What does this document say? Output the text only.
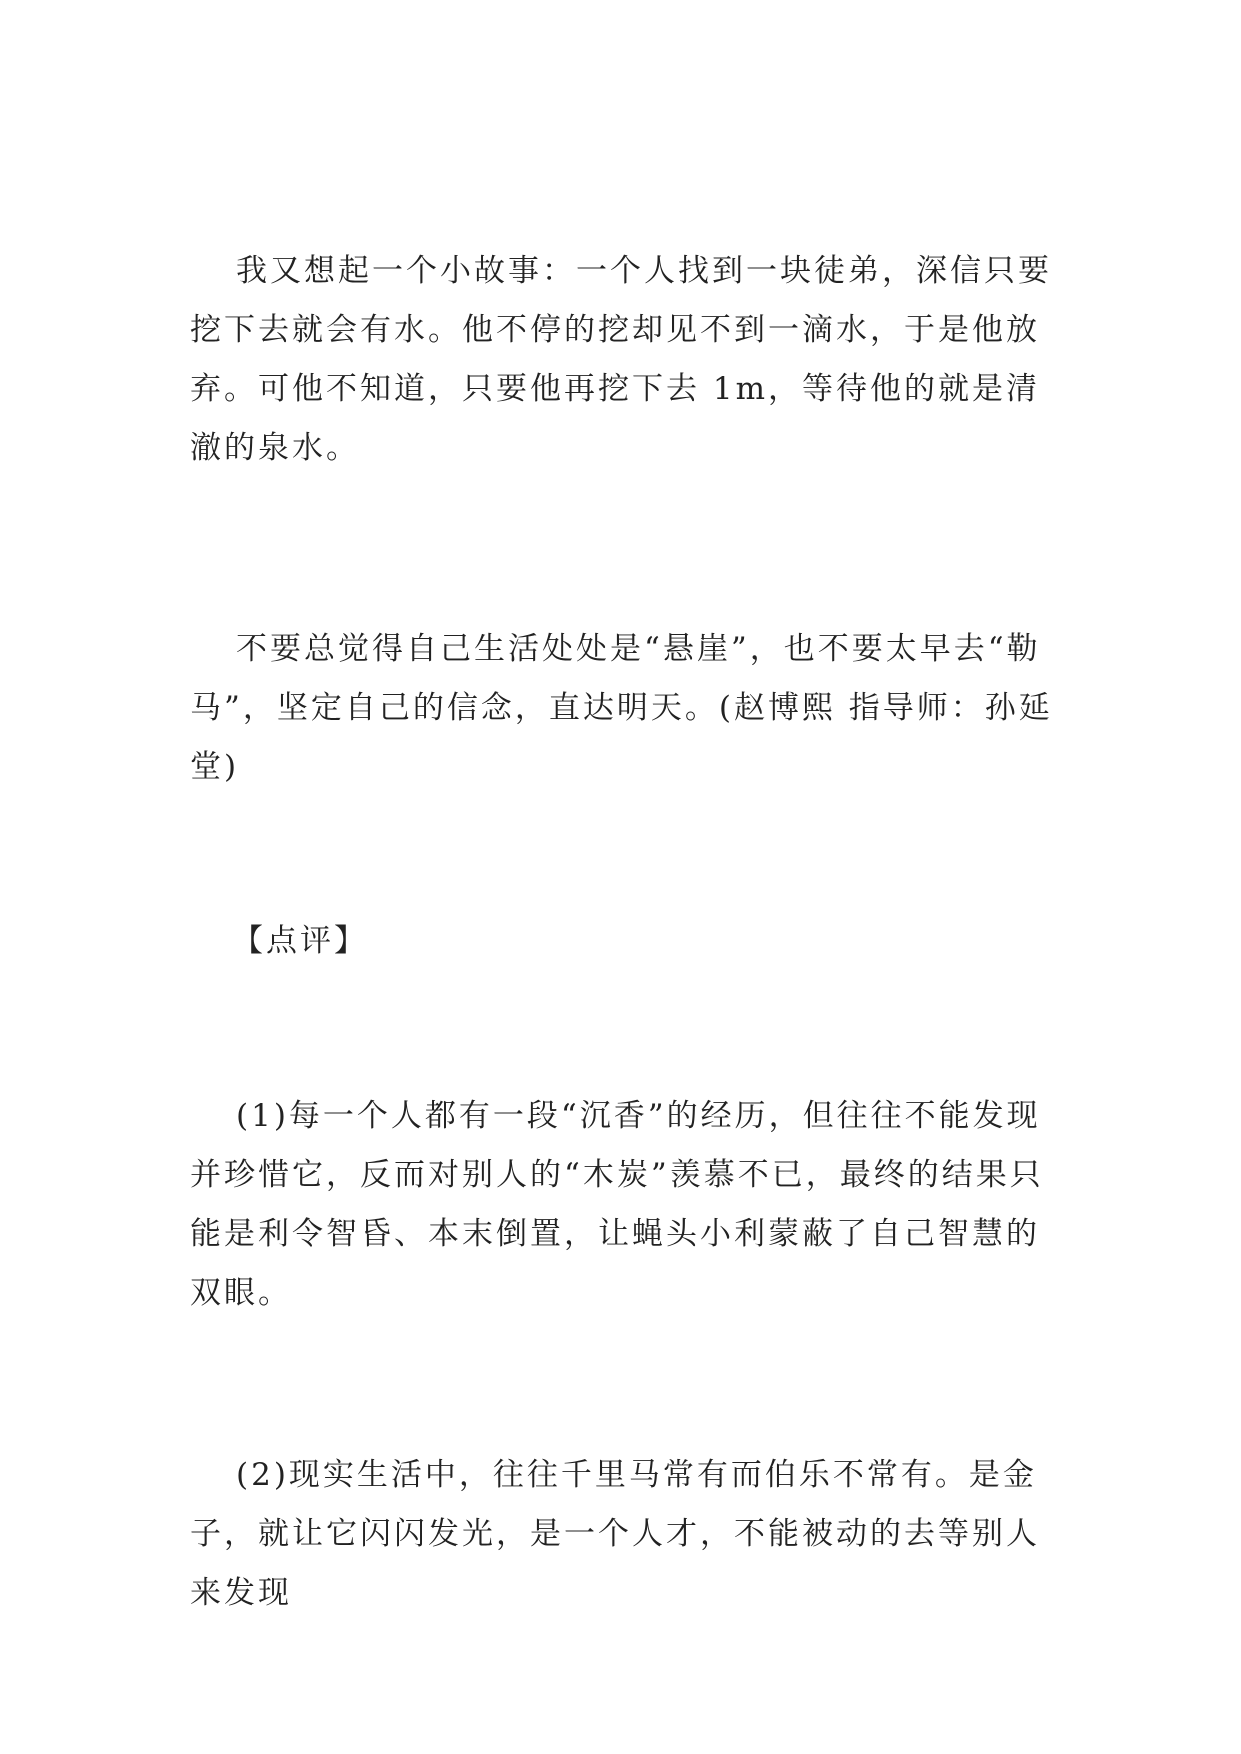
我又想起一个小故事：一个人找到一块徒弟，深信只要挖下去就会有水。他不停的挖却见不到一滴水，于是他放弃。可他不知道，只要他再挖下去 1m，等待他的就是清澈的泉水。

不要总觉得自己生活处处是“悬崖”，也不要太早去“勒马”，坚定自己的信念，直达明天。(赵博熙 指导师：孙延堂)

【点评】

(1)每一个人都有一段“沉香”的经历，但往往不能发现并珍惜它，反而对别人的“木炭”羡慕不已，最终的结果只能是利令智昏、本末倒置，让蝇头小利蒙蔽了自己智慧的双眼。

(2)现实生活中，往往千里马常有而伯乐不常有。是金子，就让它闪闪发光，是一个人才，不能被动的去等别人来发现
